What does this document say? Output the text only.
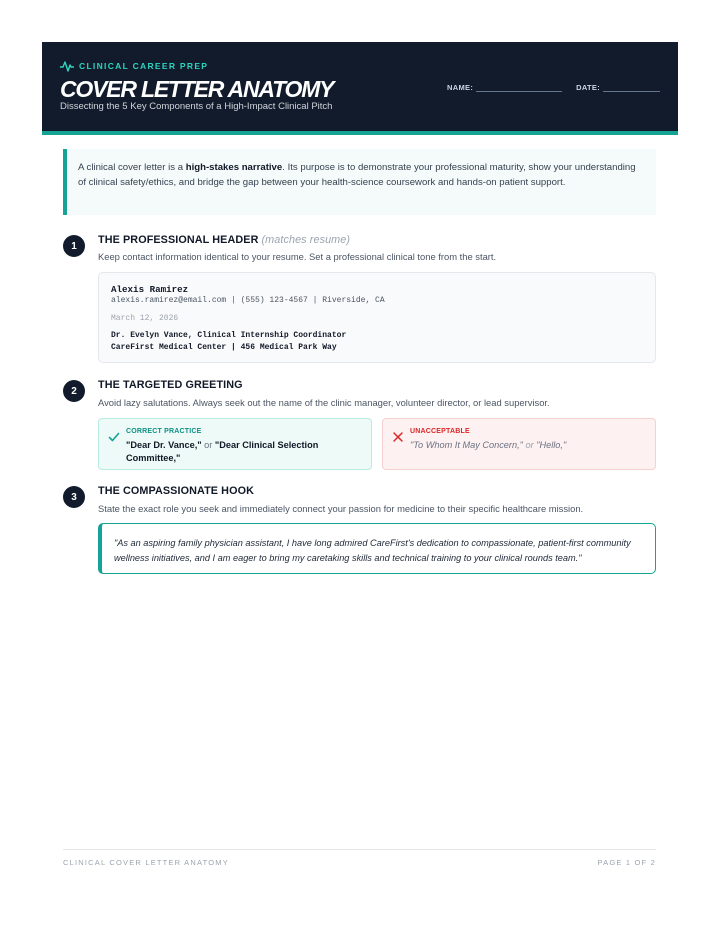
CLINICAL CAREER PREP
COVER LETTER ANATOMY
Dissecting the 5 Key Components of a High-Impact Clinical Pitch
NAME:	DATE:
A clinical cover letter is a high-stakes narrative. Its purpose is to demonstrate your professional maturity, show your understanding of clinical safety/ethics, and bridge the gap between your health-science coursework and hands-on patient support.
1	THE PROFESSIONAL HEADER (matches resume)
Keep contact information identical to your resume. Set a professional clinical tone from the start.
Alexis Ramirez
alexis.ramirez@email.com | (555) 123-4567 | Riverside, CA
March 12, 2026
Dr. Evelyn Vance, Clinical Internship Coordinator
CareFirst Medical Center | 456 Medical Park Way
2	THE TARGETED GREETING
Avoid lazy salutations. Always seek out the name of the clinic manager, volunteer director, or lead supervisor.
CORRECT PRACTICE
"Dear Dr. Vance," or "Dear Clinical Selection Committee,"
UNACCEPTABLE
"To Whom It May Concern," or "Hello,"
3	THE COMPASSIONATE HOOK
State the exact role you seek and immediately connect your passion for medicine to their specific healthcare mission.
"As an aspiring family physician assistant, I have long admired CareFirst's dedication to compassionate, patient-first community wellness initiatives, and I am eager to bring my caretaking skills and technical training to your clinical rounds team."
CLINICAL COVER LETTER ANATOMY	PAGE 1 OF 2
